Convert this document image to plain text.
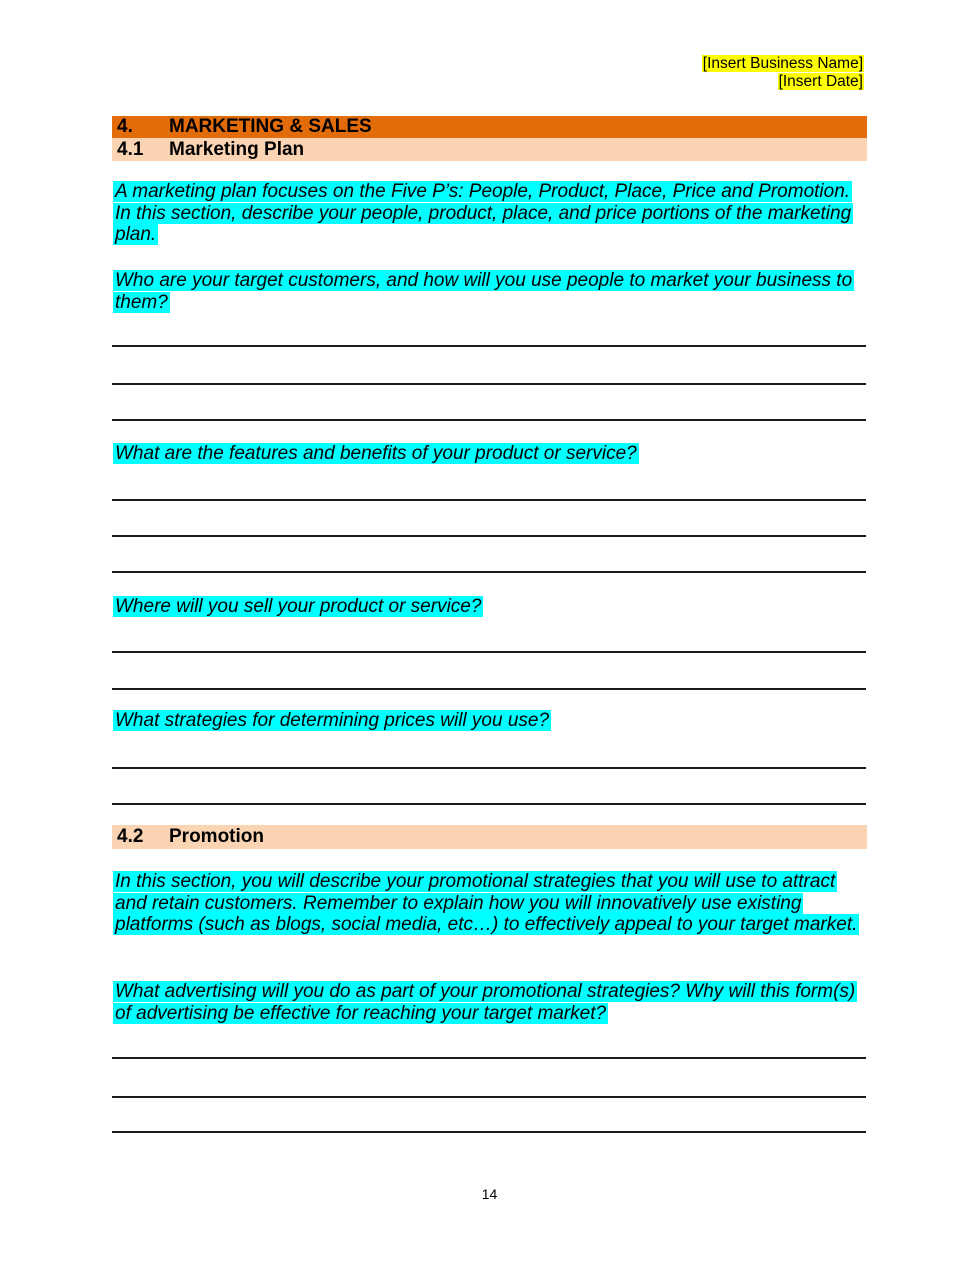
[Insert Business Name]
[Insert Date]
4.	MARKETING & SALES
4.1	Marketing Plan

A marketing plan focuses on the Five P’s: People, Product, Place, Price and Promotion. In this section, describe your people, product, place, and price portions of the marketing plan.

Who are your target customers, and how will you use people to market your business to them?

What are the features and benefits of your product or service?

Where will you sell your product or service?

What strategies for determining prices will you use?

4.2	Promotion

In this section, you will describe your promotional strategies that you will use to attract and retain customers. Remember to explain how you will innovatively use existing platforms (such as blogs, social media, etc…) to effectively appeal to your target market.

What advertising will you do as part of your promotional strategies? Why will this form(s) of advertising be effective for reaching your target market?

14
